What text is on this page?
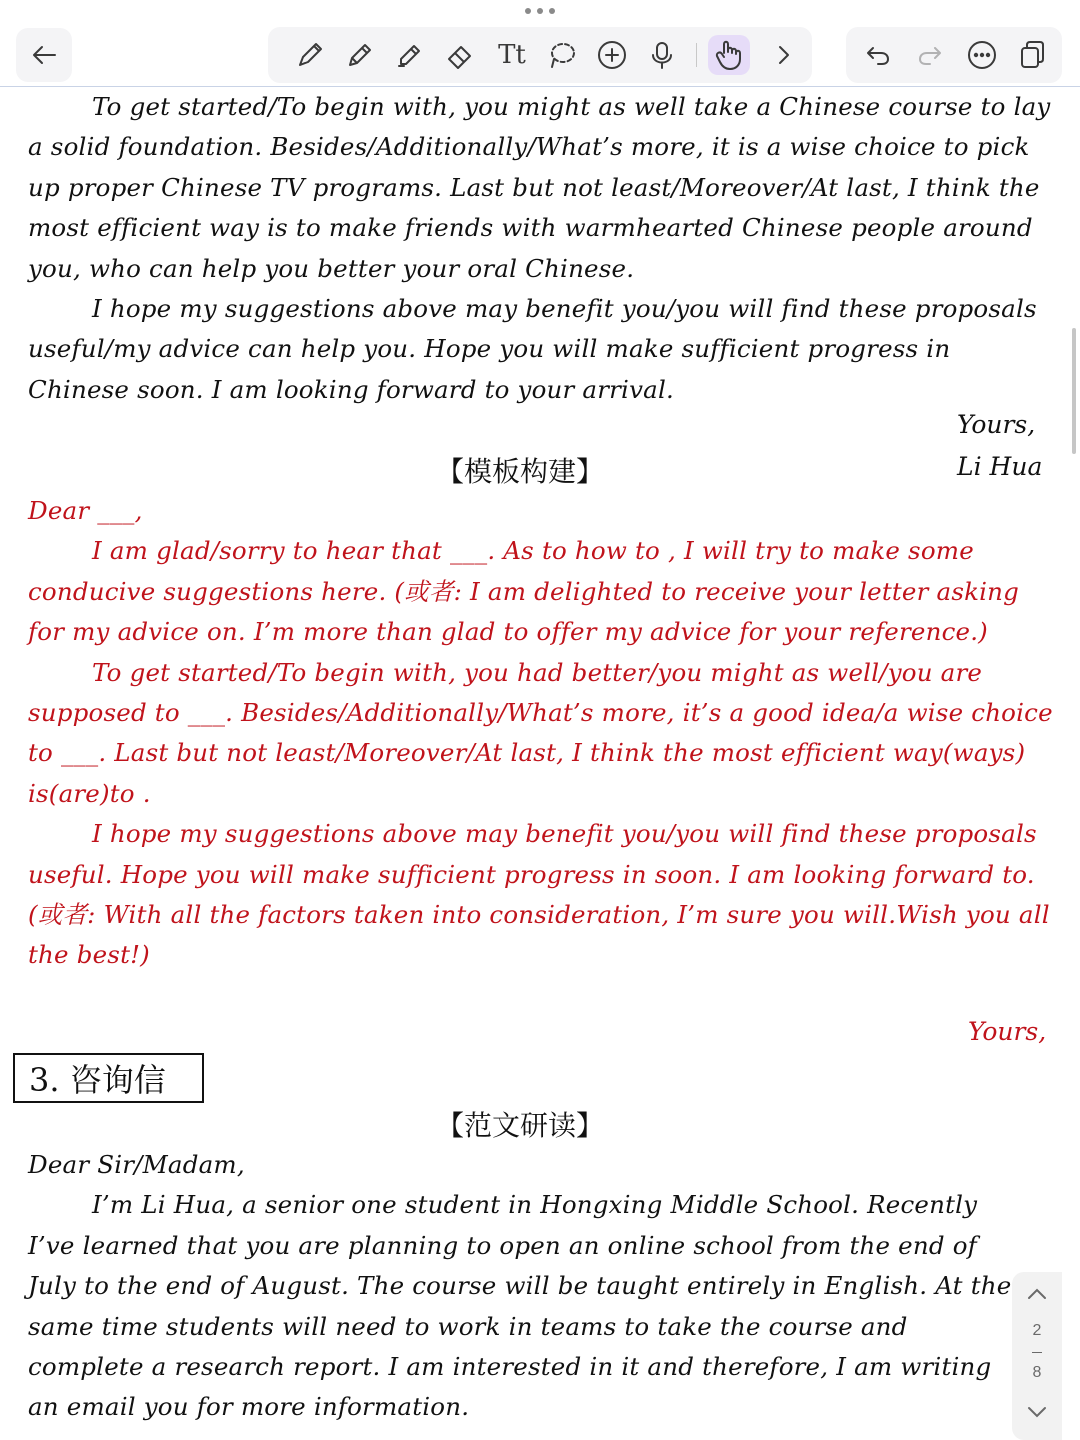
Tt

To get started/To begin with, you might as well take a Chinese course to lay a solid foundation. Besides/Additionally/What’s more, it is a wise choice to pick up proper Chinese TV programs. Last but not least/Moreover/At last, I think the most efficient way is to make friends with warmhearted Chinese people around you, who can help you better your oral Chinese.

I hope my suggestions above may benefit you/you will find these proposals useful/my advice can help you. Hope you will make sufficient progress in Chinese soon. I am looking forward to your arrival.

Yours,
【模板构建】	Li Hua

Dear ___,

I am glad/sorry to hear that ___. As to how to , I will try to make some conducive suggestions here. (或者: I am delighted to receive your letter asking for my advice on. I’m more than glad to offer my advice for your reference.)

To get started/To begin with, you had better/you might as well/you are supposed to ___. Besides/Additionally/What’s more, it’s a good idea/a wise choice to ___. Last but not least/Moreover/At last, I think the most efficient way(ways) is(are)to .

I hope my suggestions above may benefit you/you will find these proposals useful. Hope you will make sufficient progress in soon. I am looking forward to. (或者: With all the factors taken into consideration, I’m sure you will.Wish you all the best!)

Yours,
3. 咨询信
【范文研读】

Dear Sir/Madam,

I’m Li Hua, a senior one student in Hongxing Middle School. Recently I’ve learned that you are planning to open an online school from the end of July to the end of August. The course will be taught entirely in English. At the same time students will need to work in teams to take the course and complete a research report. I am interested in it and therefore, I am writing an email you for more information.

2
8
